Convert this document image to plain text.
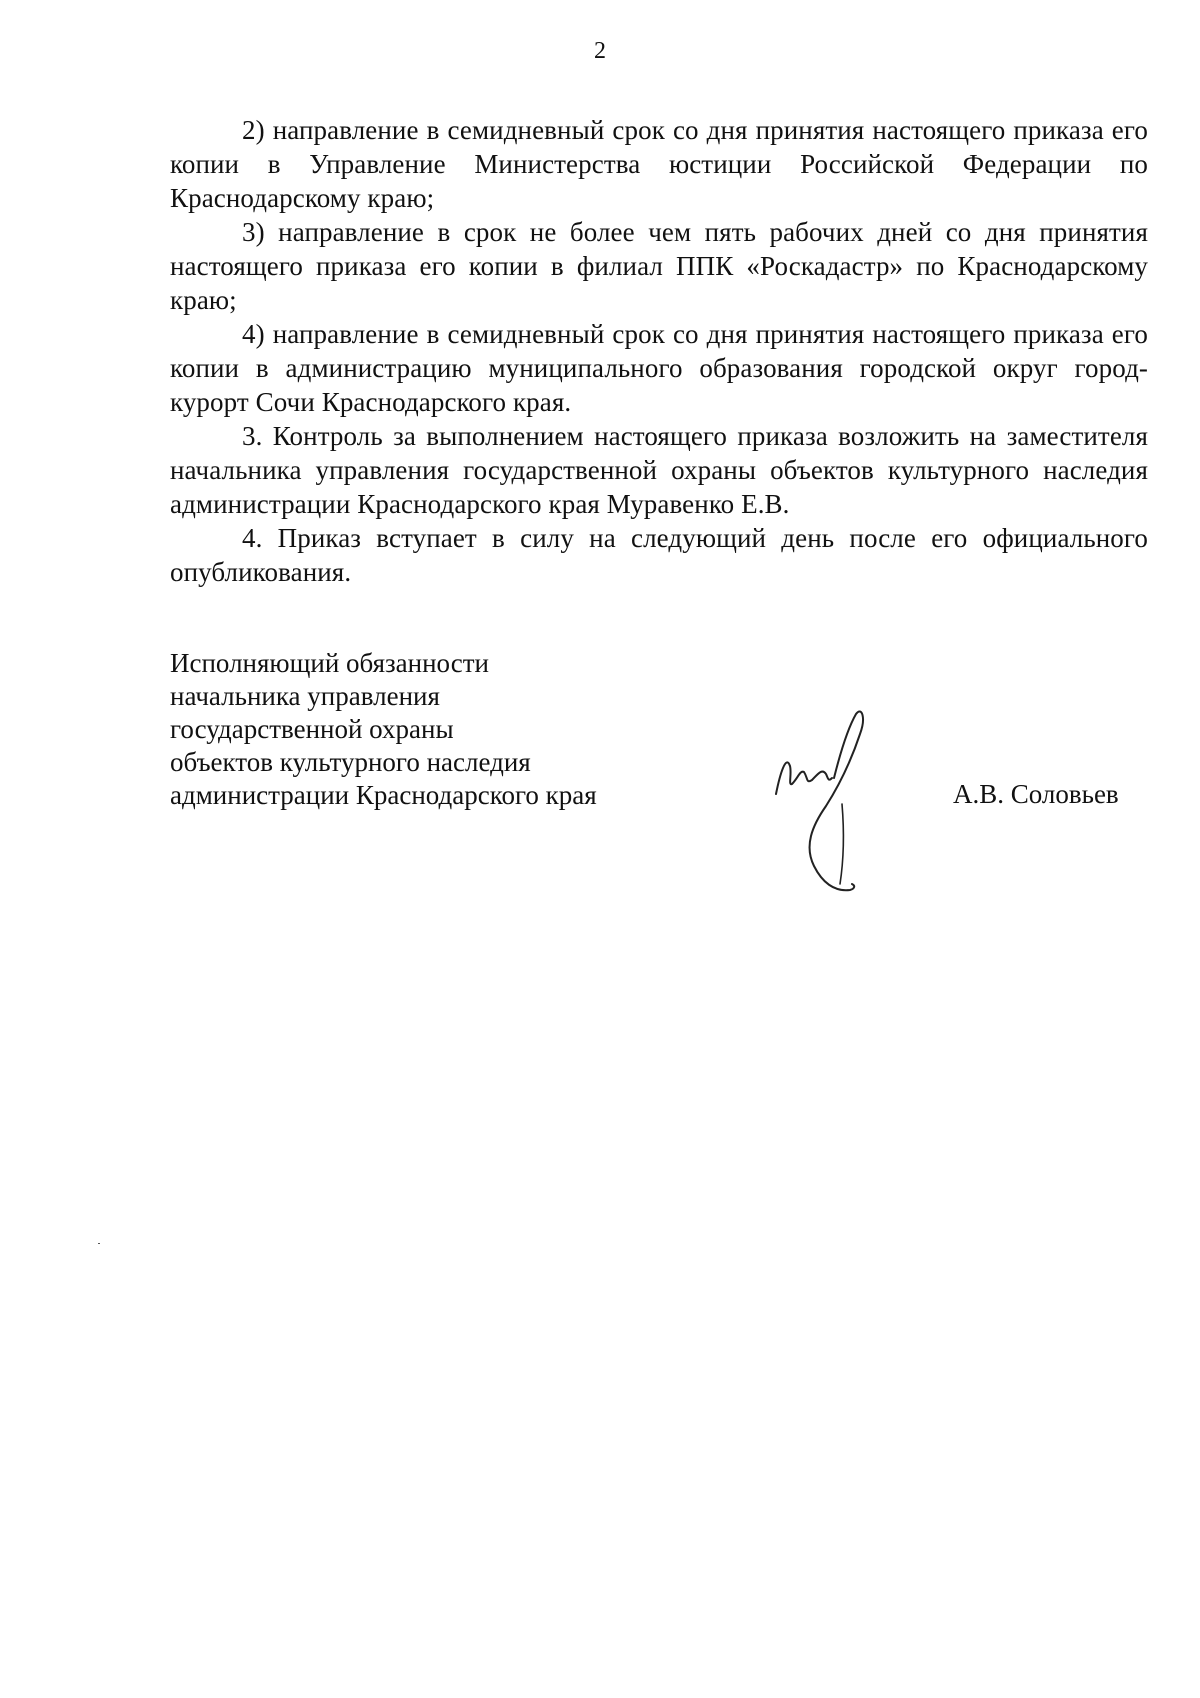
2

2) направление в семидневный срок со дня принятия настоящего приказа его копии в Управление Министерства юстиции Российской Федерации по Краснодарскому краю;

3) направление в срок не более чем пять рабочих дней со дня принятия настоящего приказа его копии в филиал ППК «Роскадастр» по Краснодарскому краю;

4) направление в семидневный срок со дня принятия настоящего приказа его копии в администрацию муниципального образования городской округ город-курорт Сочи Краснодарского края.

3. Контроль за выполнением настоящего приказа возложить на заместителя начальника управления государственной охраны объектов культурного наследия администрации Краснодарского края Муравенко Е.В.

4. Приказ вступает в силу на следующий день после его официального опубликования.

Исполняющий обязанности
начальника управления
государственной охраны
объектов культурного наследия
администрации Краснодарского края	А.В. Соловьев
